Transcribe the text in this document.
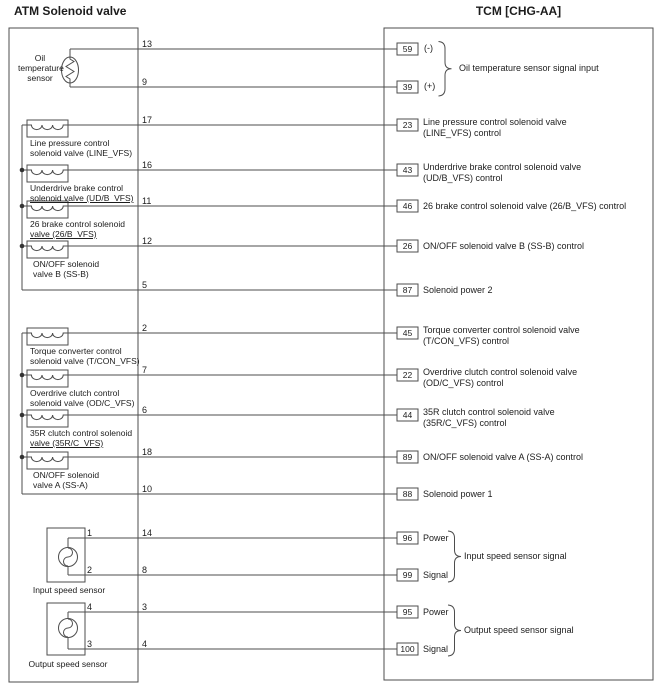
ATM Solenoid valve	TCM [CHG-AA]
Oil
temperature
sensor
Line pressure control
solenoid valve (LINE_VFS)
Underdrive brake control
solenoid valve (UD/B_VFS)
26 brake control solenoid
valve (26/B_VFS)
ON/OFF solenoid
valve B (SS-B)
Torque converter control
solenoid valve (T/CON_VFS)
Overdrive clutch control
solenoid valve (OD/C_VFS)
35R clutch control solenoid
valve (35R/C_VFS)
ON/OFF solenoid
valve A (SS-A)
Input speed sensor
Output speed sensor
1
2
4
3
13
9
17
16
11
12
5
2
7
6
18
10
14
8
3
4
59
39
23
43
46
26
87
45
22
44
89
88
96
99
95
100
(-)
(+)
Line pressure control solenoid valve
(LINE_VFS) control
Underdrive brake control solenoid valve
(UD/B_VFS) control
26 brake control solenoid valve (26/B_VFS) control
ON/OFF solenoid valve B (SS-B) control
Solenoid power 2
Torque converter control solenoid valve
(T/CON_VFS) control
Overdrive clutch control solenoid valve
(OD/C_VFS) control
35R clutch control solenoid valve
(35R/C_VFS) control
ON/OFF solenoid valve A (SS-A) control
Solenoid power 1
Power
Signal
Power
Signal
Oil temperature sensor signal input
Input speed sensor signal
Output speed sensor signal
